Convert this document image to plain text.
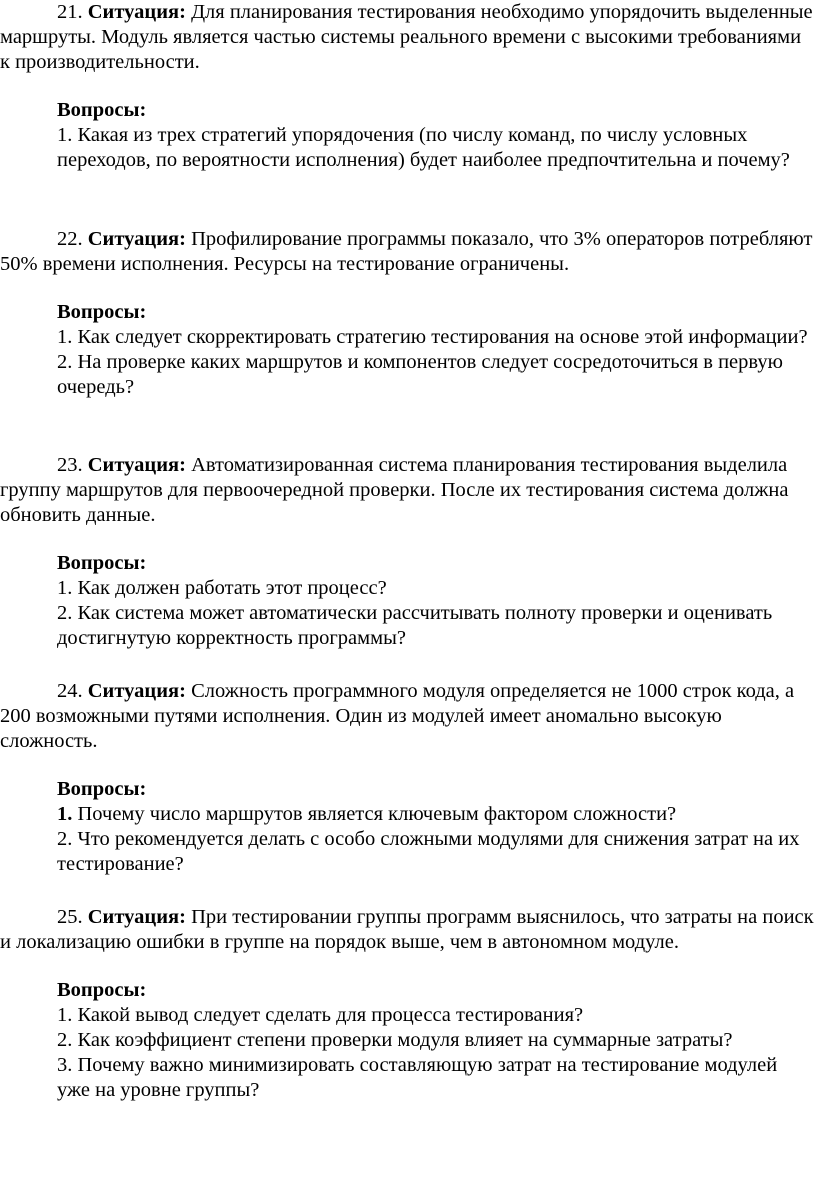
21. Ситуация: Для планирования тестирования необходимо упорядочить выделенные маршруты. Модуль является частью системы реального времени с высокими требованиями к производительности.

Вопросы:

1. Какая из трех стратегий упорядочения (по числу команд, по числу условных переходов, по вероятности исполнения) будет наиболее предпочтительна и почему?

22. Ситуация: Профилирование программы показало, что 3% операторов потребляют 50% времени исполнения. Ресурсы на тестирование ограничены.

Вопросы:

1. Как следует скорректировать стратегию тестирования на основе этой информации?
2. На проверке каких маршрутов и компонентов следует сосредоточиться в первую очередь?

23. Ситуация: Автоматизированная система планирования тестирования выделила группу маршрутов для первоочередной проверки. После их тестирования система должна обновить данные.

Вопросы:

1. Как должен работать этот процесс?
2. Как система может автоматически рассчитывать полноту проверки и оценивать достигнутую корректность программы?

24. Ситуация: Сложность программного модуля определяется не 1000 строк кода, а 200 возможными путями исполнения. Один из модулей имеет аномально высокую сложность.

Вопросы:

1. Почему число маршрутов является ключевым фактором сложности?
2. Что рекомендуется делать с особо сложными модулями для снижения затрат на их тестирование?

25. Ситуация: При тестировании группы программ выяснилось, что затраты на поиск и локализацию ошибки в группе на порядок выше, чем в автономном модуле.

Вопросы:

1. Какой вывод следует сделать для процесса тестирования?
2. Как коэффициент степени проверки модуля влияет на суммарные затраты?
3. Почему важно минимизировать составляющую затрат на тестирование модулей уже на уровне группы?
